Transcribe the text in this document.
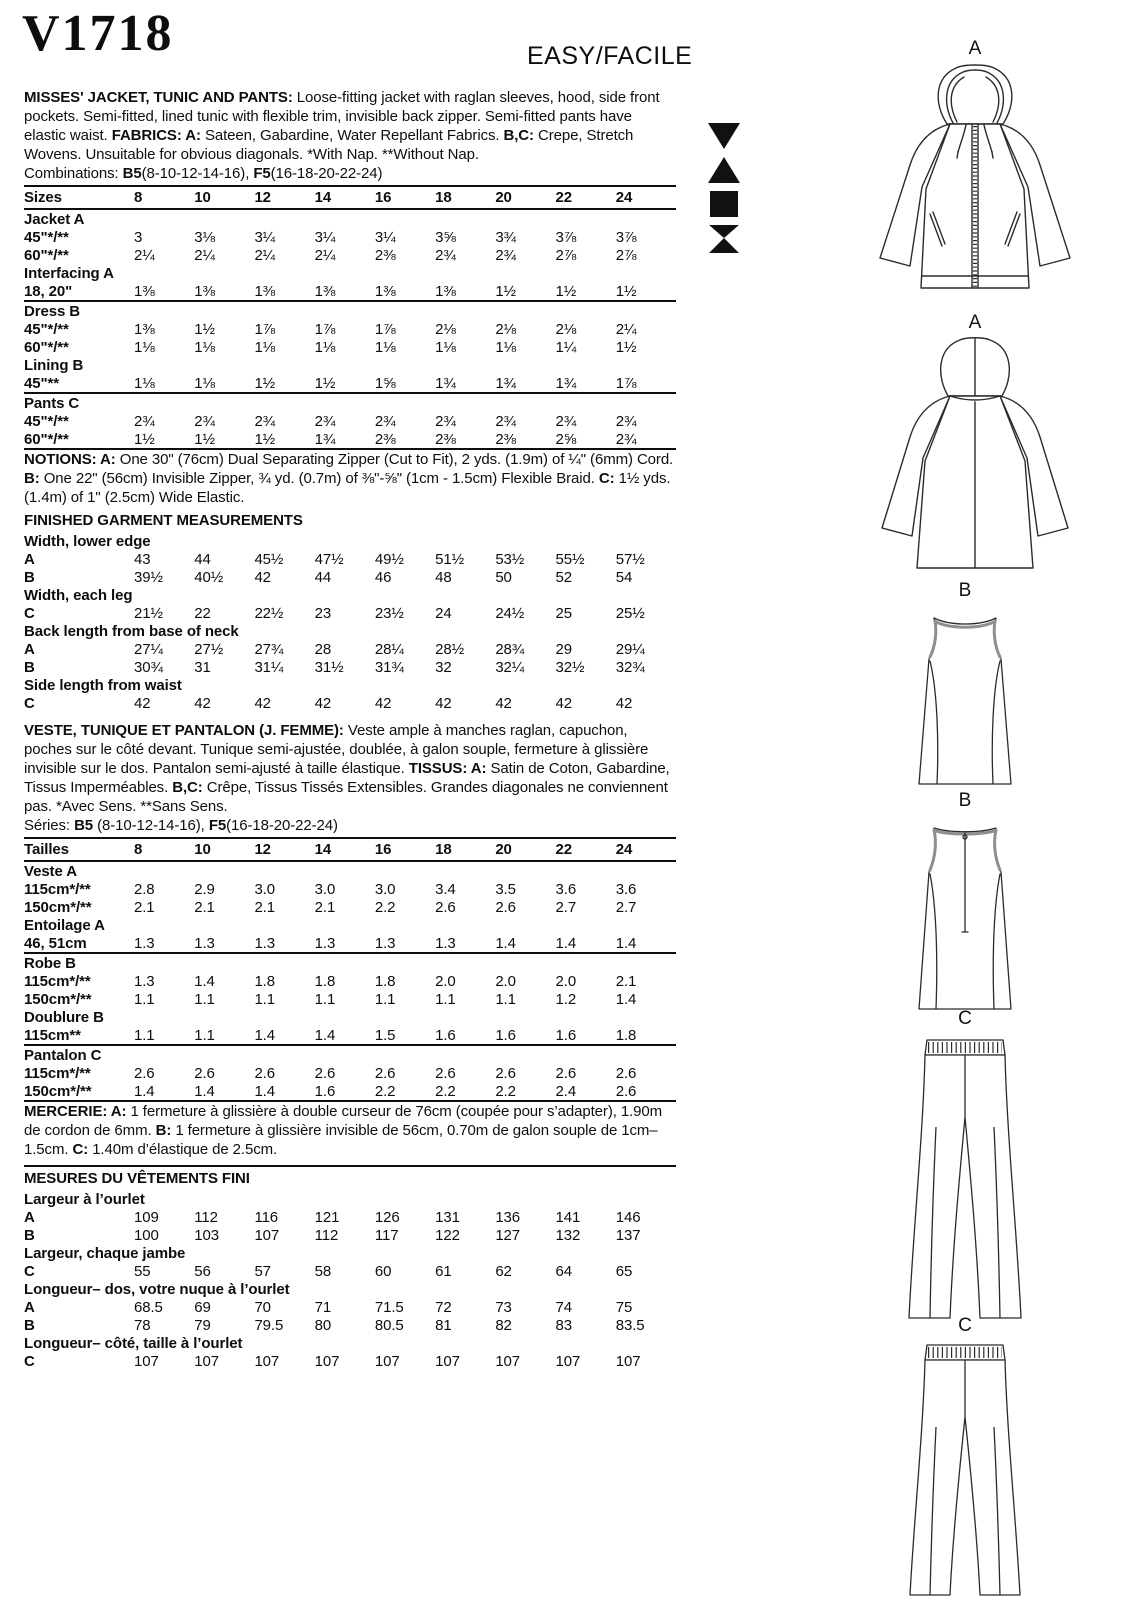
V1718	EASY/FACILE

MISSES' JACKET, TUNIC AND PANTS: Loose-fitting jacket with raglan sleeves, hood, side front pockets. Semi-fitted, lined tunic with flexible trim, invisible back zipper. Semi-fitted pants have elastic waist. FABRICS: A: Sateen, Gabardine, Water Repellant Fabrics. B,C: Crepe, Stretch Wovens. Unsuitable for obvious diagonals. *With Nap. **Without Nap.

Combinations: B5(8-10-12-14-16), F5(16-18-20-22-24)

Sizes	8	10	12	14	16	18	20	22	24
Jacket A									
45"*/**	3	3⅛	3¼	3¼	3¼	3⅝	3¾	3⅞	3⅞
60"*/**	2¼	2¼	2¼	2¼	2⅜	2¾	2¾	2⅞	2⅞
Interfacing A									
18, 20"	1⅜	1⅜	1⅜	1⅜	1⅜	1⅜	1½	1½	1½
Dress B									
45"*/**	1⅜	1½	1⅞	1⅞	1⅞	2⅛	2⅛	2⅛	2¼
60"*/**	1⅛	1⅛	1⅛	1⅛	1⅛	1⅛	1⅛	1¼	1½
Lining B									
45"**	1⅛	1⅛	1½	1½	1⅝	1¾	1¾	1¾	1⅞
Pants C									
45"*/**	2¾	2¾	2¾	2¾	2¾	2¾	2¾	2¾	2¾
60"*/**	1½	1½	1½	1¾	2⅜	2⅜	2⅜	2⅝	2¾

NOTIONS: A: One 30" (76cm) Dual Separating Zipper (Cut to Fit), 2 yds. (1.9m) of ¼" (6mm) Cord. B: One 22" (56cm) Invisible Zipper, ¾ yd. (0.7m) of ⅜"-⅝" (1cm - 1.5cm) Flexible Braid. C: 1½ yds. (1.4m) of 1" (2.5cm) Wide Elastic.

FINISHED GARMENT MEASUREMENTS
Width, lower edge									
A	43	44	45½	47½	49½	51½	53½	55½	57½
B	39½	40½	42	44	46	48	50	52	54
Width, each leg									
C	21½	22	22½	23	23½	24	24½	25	25½
Back length from base of neck									
A	27¼	27½	27¾	28	28¼	28½	28¾	29	29¼
B	30¾	31	31¼	31½	31¾	32	32¼	32½	32¾
Side length from waist									
C	42	42	42	42	42	42	42	42	42

VESTE, TUNIQUE ET PANTALON (J. FEMME): Veste ample à manches raglan, capuchon, poches sur le côté devant. Tunique semi-ajustée, doublée, à galon souple, fermeture à glissière invisible sur le dos. Pantalon semi-ajusté à taille élastique. TISSUS: A: Satin de Coton, Gabardine, Tissus Imperméables. B,C: Crêpe, Tissus Tissés Extensibles. Grandes diagonales ne conviennent pas. *Avec Sens. **Sans Sens.

Séries: B5 (8-10-12-14-16), F5(16-18-20-22-24)

Tailles	8	10	12	14	16	18	20	22	24
Veste A									
115cm*/**	2.8	2.9	3.0	3.0	3.0	3.4	3.5	3.6	3.6
150cm*/**	2.1	2.1	2.1	2.1	2.2	2.6	2.6	2.7	2.7
Entoilage A									
46, 51cm	1.3	1.3	1.3	1.3	1.3	1.3	1.4	1.4	1.4
Robe B									
115cm*/**	1.3	1.4	1.8	1.8	1.8	2.0	2.0	2.0	2.1
150cm*/**	1.1	1.1	1.1	1.1	1.1	1.1	1.1	1.2	1.4
Doublure B									
115cm**	1.1	1.1	1.4	1.4	1.5	1.6	1.6	1.6	1.8
Pantalon C									
115cm*/**	2.6	2.6	2.6	2.6	2.6	2.6	2.6	2.6	2.6
150cm*/**	1.4	1.4	1.4	1.6	2.2	2.2	2.2	2.4	2.6

MERCERIE: A: 1 fermeture à glissière à double curseur de 76cm (coupée pour s’adapter), 1.90m de cordon de 6mm. B: 1 fermeture à glissière invisible de 56cm, 0.70m de galon souple de 1cm–1.5cm. C: 1.40m d’élastique de 2.5cm.

MESURES DU VÊTEMENTS FINI
Largeur à l’ourlet									
A	109	112	116	121	126	131	136	141	146
B	100	103	107	112	117	122	127	132	137
Largeur, chaque jambe									
C	55	56	57	58	60	61	62	64	65
Longueur– dos, votre nuque à l’ourlet									
A	68.5	69	70	71	71.5	72	73	74	75
B	78	79	79.5	80	80.5	81	82	83	83.5
Longueur– côté, taille à l’ourlet									
C	107	107	107	107	107	107	107	107	107
A
A
B
B
C
C
